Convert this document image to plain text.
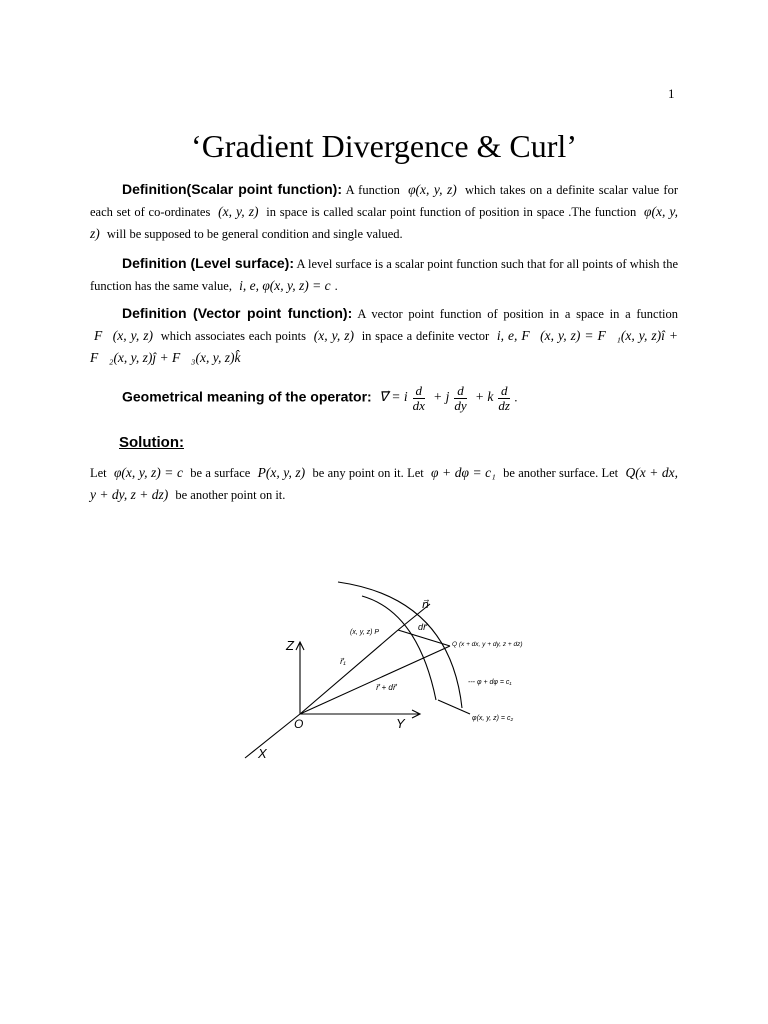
1
‘Gradient Divergence & Curl’
Definition(Scalar point function): A function φ(x, y, z) which takes on a definite scalar value for each set of co-ordinates (x, y, z) in space is called scalar point function of position in space .The function φ(x, y, z) will be supposed to be general condition and single valued.
Definition (Level surface): A level surface is a scalar point function such that for all points of whish the function has the same value, i, e, φ(x, y, z) = c .
Definition (Vector point function): A vector point function of position in a space in a function F⃗(x, y, z) which associates each points (x, y, z) in space a definite vector i, e, F⃗(x, y, z) = F⃗₁(x, y, z)î + F⃗₂(x, y, z)ĵ + F⃗₃(x, y, z)k̂
Geometrical meaning of the operator: ∇⃗ = i $\frac{d}{dx} + j \frac{d}{dy} + k \frac{d}{dz}$ .
Solution:
Let φ(x, y, z) = c be a surface P(x, y, z) be any point on it. Let φ + dφ = c₁ be another surface. Let Q(x + dx, y + dy, z + dz) be another point on it.
Z
Y
X
O
n⃗
dr⃗
(x, y, z) P
Q (x + dx, y + dy, z + dz)
r⃗₁
r⃗ + dr⃗
--- φ + dφ = c₁
φ(x, y, z) = c₂
